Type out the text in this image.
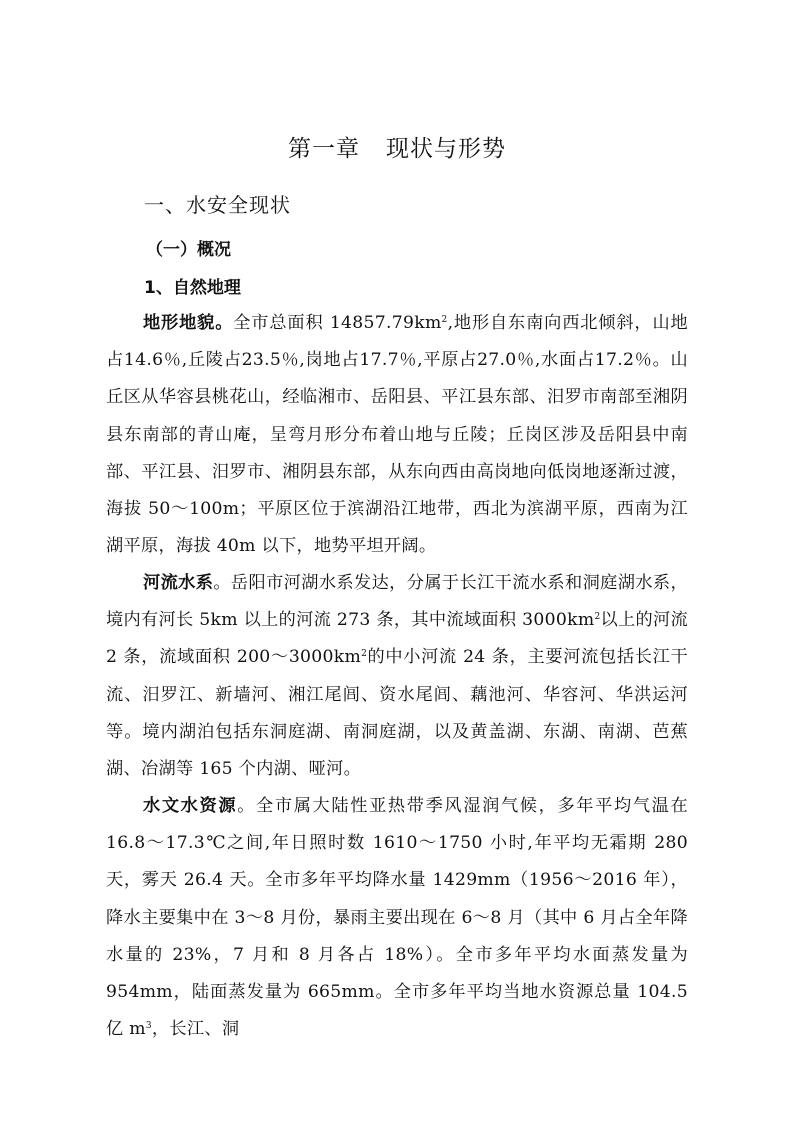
第一章 现状与形势
一、水安全现状
（一）概况
1、自然地理

地形地貌。全市总面积 $14857.79km^2$,地形自东南向西北倾斜，山地占14.6％,丘陵占23.5％,岗地占17.7％,平原占27.0％,水面占17.2％。山丘区从华容县桃花山，经临湘市、岳阳县、平江县东部、汨罗市南部至湘阴县东南部的青山庵，呈弯月形分布着山地与丘陵；丘岗区涉及岳阳县中南部、平江县、汨罗市、湘阴县东部，从东向西由高岗地向低岗地逐渐过渡，海拔 50～100m；平原区位于滨湖沿江地带，西北为滨湖平原，西南为江湖平原，海拔 40m 以下，地势平坦开阔。

河流水系。岳阳市河湖水系发达，分属于长江干流水系和洞庭湖水系，境内有河长 5km 以上的河流 273 条，其中流域面积 $3000km^2$以上的河流 2 条，流域面积 $200\sim 3000km^2$的中小河流 24 条，主要河流包括长江干流、汨罗江、新墙河、湘江尾闾、资水尾闾、藕池河、华容河、华洪运河等。境内湖泊包括东洞庭湖、南洞庭湖，以及黄盖湖、东湖、南湖、芭蕉湖、冶湖等 165 个内湖、哑河。

水文水资源。全市属大陆性亚热带季风湿润气候，多年平均气温在 16.8～17.3℃之间,年日照时数 1610～1750 小时,年平均无霜期 280 天，雾天 26.4 天。全市多年平均降水量 1429mm（1956～2016 年），降水主要集中在 3～8 月份，暴雨主要出现在 6～8 月（其中 6 月占全年降水量的 23%，7 月和 8 月各占 18%）。全市多年平均水面蒸发量为 954mm，陆面蒸发量为 665mm。全市多年平均当地水资源总量 104.5 亿 $m^3$，长江、洞
